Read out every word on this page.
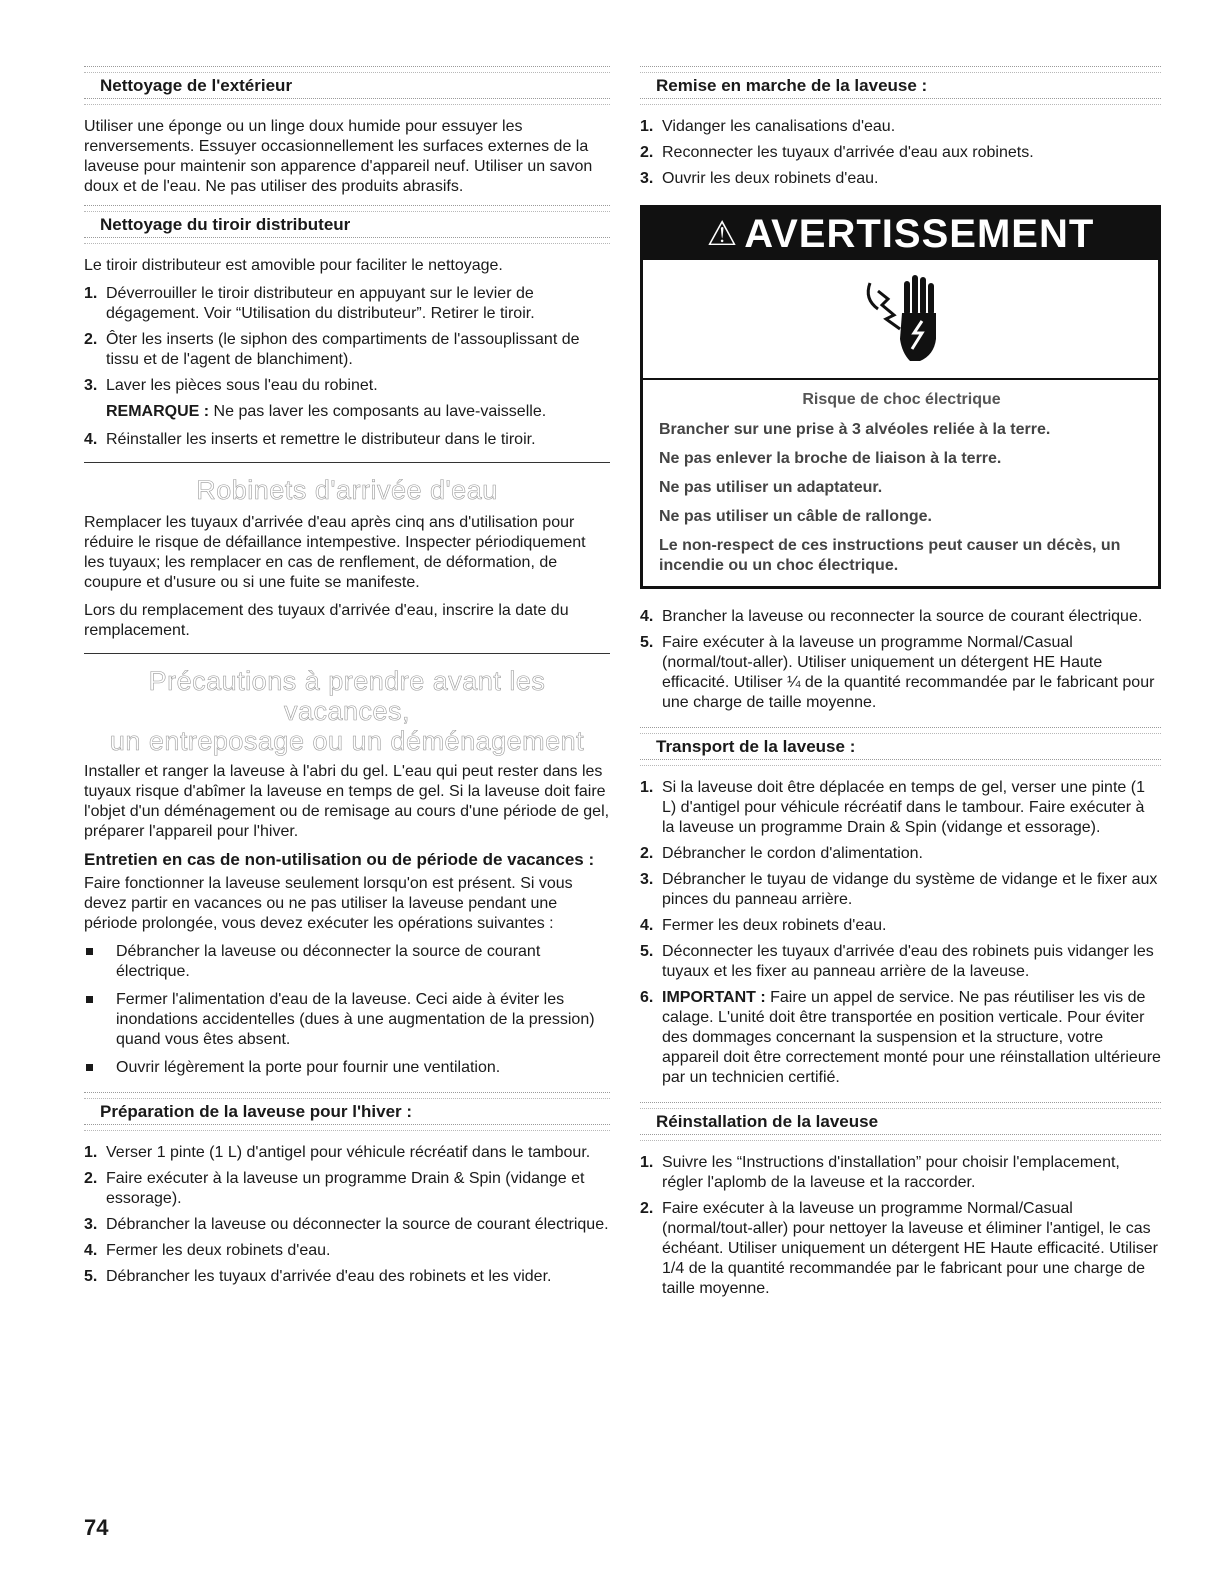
Nettoyage de l'extérieur

Utiliser une éponge ou un linge doux humide pour essuyer les renversements. Essuyer occasionnellement les surfaces externes de la laveuse pour maintenir son apparence d'appareil neuf. Utiliser un savon doux et de l'eau. Ne pas utiliser des produits abrasifs.

Nettoyage du tiroir distributeur

Le tiroir distributeur est amovible pour faciliter le nettoyage.

1. Déverrouiller le tiroir distributeur en appuyant sur le levier de dégagement. Voir “Utilisation du distributeur”. Retirer le tiroir.
2. Ôter les inserts (le siphon des compartiments de l'assouplissant de tissu et de l'agent de blanchiment).
3. Laver les pièces sous l'eau du robinet.
REMARQUE : Ne pas laver les composants au lave-vaisselle.
4. Réinstaller les inserts et remettre le distributeur dans le tiroir.
Robinets d'arrivée d'eau

Remplacer les tuyaux d'arrivée d'eau après cinq ans d'utilisation pour réduire le risque de défaillance intempestive. Inspecter périodiquement les tuyaux; les remplacer en cas de renflement, de déformation, de coupure et d'usure ou si une fuite se manifeste.

Lors du remplacement des tuyaux d'arrivée d'eau, inscrire la date du remplacement.

Précautions à prendre avant les vacances,
un entreposage ou un déménagement

Installer et ranger la laveuse à l'abri du gel. L'eau qui peut rester dans les tuyaux risque d'abîmer la laveuse en temps de gel. Si la laveuse doit faire l'objet d'un déménagement ou de remisage au cours d'une période de gel, préparer l'appareil pour l'hiver.

Entretien en cas de non-utilisation ou de période de vacances :

Faire fonctionner la laveuse seulement lorsqu'on est présent. Si vous devez partir en vacances ou ne pas utiliser la laveuse pendant une période prolongée, vous devez exécuter les opérations suivantes :

Débrancher la laveuse ou déconnecter la source de courant électrique.
Fermer l'alimentation d'eau de la laveuse. Ceci aide à éviter les inondations accidentelles (dues à une augmentation de la pression) quand vous êtes absent.
Ouvrir légèrement la porte pour fournir une ventilation.
Préparation de la laveuse pour l'hiver :
1. Verser 1 pinte (1 L) d'antigel pour véhicule récréatif dans le tambour.
2. Faire exécuter à la laveuse un programme Drain & Spin (vidange et essorage).
3. Débrancher la laveuse ou déconnecter la source de courant électrique.
4. Fermer les deux robinets d'eau.
5. Débrancher les tuyaux d'arrivée d'eau des robinets et les vider.
Remise en marche de la laveuse :
1. Vidanger les canalisations d'eau.
2. Reconnecter les tuyaux d'arrivée d'eau aux robinets.
3. Ouvrir les deux robinets d'eau.
⚠ AVERTISSEMENT
Risque de choc électrique
Brancher sur une prise à 3 alvéoles reliée à la terre.
Ne pas enlever la broche de liaison à la terre.
Ne pas utiliser un adaptateur.
Ne pas utiliser un câble de rallonge.
Le non-respect de ces instructions peut causer un décès, un incendie ou un choc électrique.
4. Brancher la laveuse ou reconnecter la source de courant électrique.
5. Faire exécuter à la laveuse un programme Normal/Casual (normal/tout-aller). Utiliser uniquement un détergent HE Haute efficacité. Utiliser ¼ de la quantité recommandée par le fabricant pour une charge de taille moyenne.
Transport de la laveuse :
1. Si la laveuse doit être déplacée en temps de gel, verser une pinte (1 L) d'antigel pour véhicule récréatif dans le tambour. Faire exécuter à la laveuse un programme Drain & Spin (vidange et essorage).
2. Débrancher le cordon d'alimentation.
3. Débrancher le tuyau de vidange du système de vidange et le fixer aux pinces du panneau arrière.
4. Fermer les deux robinets d'eau.
5. Déconnecter les tuyaux d'arrivée d'eau des robinets puis vidanger les tuyaux et les fixer au panneau arrière de la laveuse.
6. IMPORTANT : Faire un appel de service. Ne pas réutiliser les vis de calage. L'unité doit être transportée en position verticale. Pour éviter des dommages concernant la suspension et la structure, votre appareil doit être correctement monté pour une réinstallation ultérieure par un technicien certifié.
Réinstallation de la laveuse
1. Suivre les “Instructions d'installation” pour choisir l'emplacement, régler l'aplomb de la laveuse et la raccorder.
2. Faire exécuter à la laveuse un programme Normal/Casual (normal/tout-aller) pour nettoyer la laveuse et éliminer l'antigel, le cas échéant. Utiliser uniquement un détergent HE Haute efficacité. Utiliser 1/4 de la quantité recommandée par le fabricant pour une charge de taille moyenne.
74
